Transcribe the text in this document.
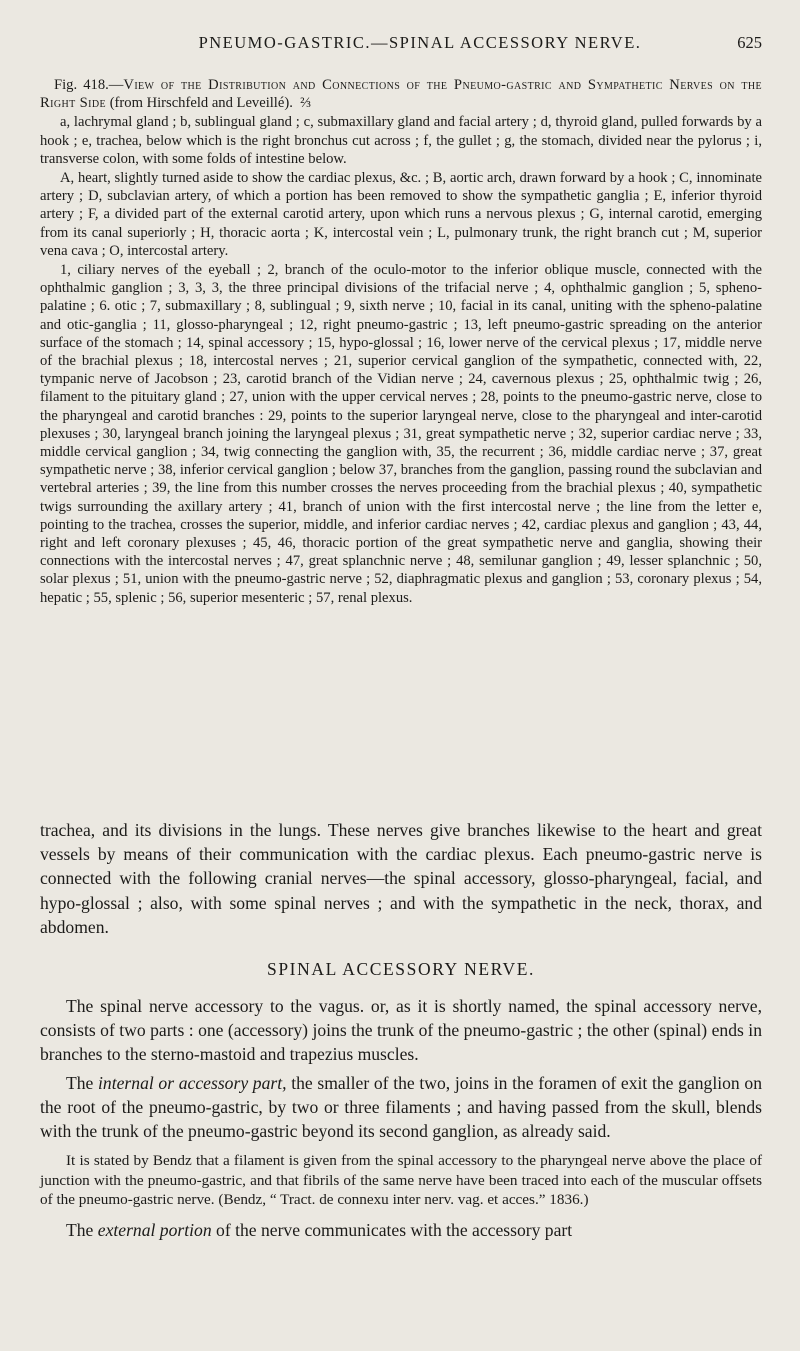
PNEUMO-GASTRIC.—SPINAL ACCESSORY NERVE.	625

Fig. 418.—View of the Distribution and Connections of the Pneumo-gastric and Sympathetic Nerves on the Right Side (from Hirschfeld and Leveillé). ⅔

a, lachrymal gland ; b, sublingual gland ; c, submaxillary gland and facial artery ; d, thyroid gland, pulled forwards by a hook ; e, trachea, below which is the right bronchus cut across ; f, the gullet ; g, the stomach, divided near the pylorus ; i, transverse colon, with some folds of intestine below.

A, heart, slightly turned aside to show the cardiac plexus, &c. ; B, aortic arch, drawn forward by a hook ; C, innominate artery ; D, subclavian artery, of which a portion has been removed to show the sympathetic ganglia ; E, inferior thyroid artery ; F, a divided part of the external carotid artery, upon which runs a nervous plexus ; G, internal carotid, emerging from its canal superiorly ; H, thoracic aorta ; K, intercostal vein ; L, pulmonary trunk, the right branch cut ; M, superior vena cava ; O, intercostal artery.

1, ciliary nerves of the eyeball ; 2, branch of the oculo-motor to the inferior oblique muscle, connected with the ophthalmic ganglion ; 3, 3, 3, the three principal divisions of the trifacial nerve ; 4, ophthalmic ganglion ; 5, spheno-palatine ; 6. otic ; 7, submaxillary ; 8, sublingual ; 9, sixth nerve ; 10, facial in its canal, uniting with the spheno-palatine and otic-ganglia ; 11, glosso-pharyngeal ; 12, right pneumo-gastric ; 13, left pneumo-gastric spreading on the anterior surface of the stomach ; 14, spinal accessory ; 15, hypo-glossal ; 16, lower nerve of the cervical plexus ; 17, middle nerve of the brachial plexus ; 18, intercostal nerves ; 21, superior cervical ganglion of the sympathetic, connected with, 22, tympanic nerve of Jacobson ; 23, carotid branch of the Vidian nerve ; 24, cavernous plexus ; 25, ophthalmic twig ; 26, filament to the pituitary gland ; 27, union with the upper cervical nerves ; 28, points to the pneumo-gastric nerve, close to the pharyngeal and carotid branches : 29, points to the superior laryngeal nerve, close to the pharyngeal and inter-carotid plexuses ; 30, laryngeal branch joining the laryngeal plexus ; 31, great sympathetic nerve ; 32, superior cardiac nerve ; 33, middle cervical ganglion ; 34, twig connecting the ganglion with, 35, the recurrent ; 36, middle cardiac nerve ; 37, great sympathetic nerve ; 38, inferior cervical ganglion ; below 37, branches from the ganglion, passing round the subclavian and vertebral arteries ; 39, the line from this number crosses the nerves proceeding from the brachial plexus ; 40, sympathetic twigs surrounding the axillary artery ; 41, branch of union with the first intercostal nerve ; the line from the letter e, pointing to the trachea, crosses the superior, middle, and inferior cardiac nerves ; 42, cardiac plexus and ganglion ; 43, 44, right and left coronary plexuses ; 45, 46, thoracic portion of the great sympathetic nerve and ganglia, showing their connections with the intercostal nerves ; 47, great splanchnic nerve ; 48, semilunar ganglion ; 49, lesser splanchnic ; 50, solar plexus ; 51, union with the pneumo-gastric nerve ; 52, diaphragmatic plexus and ganglion ; 53, coronary plexus ; 54, hepatic ; 55, splenic ; 56, superior mesenteric ; 57, renal plexus.

trachea, and its divisions in the lungs. These nerves give branches likewise to the heart and great vessels by means of their communication with the cardiac plexus. Each pneumo-gastric nerve is connected with the following cranial nerves—the spinal accessory, glosso-pharyngeal, facial, and hypo-glossal ; also, with some spinal nerves ; and with the sympathetic in the neck, thorax, and abdomen.

SPINAL ACCESSORY NERVE.

The spinal nerve accessory to the vagus. or, as it is shortly named, the spinal accessory nerve, consists of two parts : one (accessory) joins the trunk of the pneumo-gastric ; the other (spinal) ends in branches to the sterno-mastoid and trapezius muscles.

The internal or accessory part, the smaller of the two, joins in the foramen of exit the ganglion on the root of the pneumo-gastric, by two or three filaments ; and having passed from the skull, blends with the trunk of the pneumo-gastric beyond its second ganglion, as already said.

It is stated by Bendz that a filament is given from the spinal accessory to the pharyngeal nerve above the place of junction with the pneumo-gastric, and that fibrils of the same nerve have been traced into each of the muscular offsets of the pneumo-gastric nerve. (Bendz, “ Tract. de connexu inter nerv. vag. et acces.” 1836.)

The external portion of the nerve communicates with the accessory part
